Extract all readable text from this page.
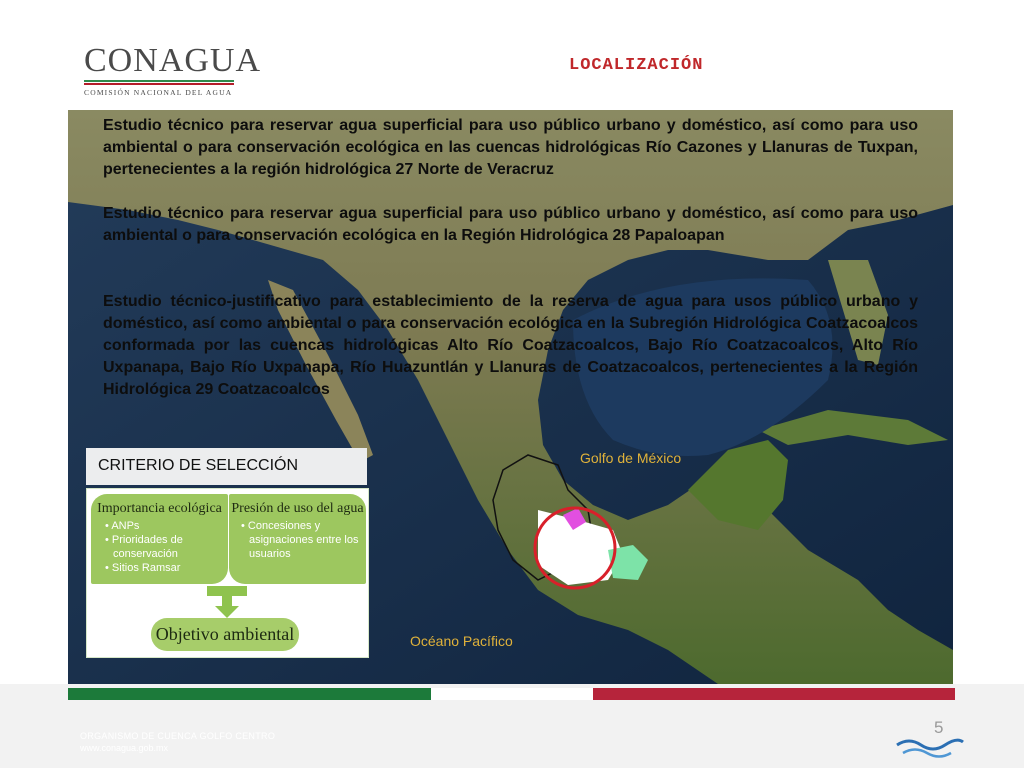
CONAGUA
COMISIÓN NACIONAL DEL AGUA
LOCALIZACIÓN
Estudio técnico para reservar agua superficial para uso público urbano y doméstico, así como para uso ambiental o para conservación ecológica en las cuencas hidrológicas Río Cazones y Llanuras de Tuxpan, pertenecientes a la región hidrológica 27 Norte de Veracruz
Estudio técnico para reservar agua superficial para uso público urbano y doméstico, así como para uso ambiental o para conservación ecológica en la Región Hidrológica 28 Papaloapan
Estudio técnico-justificativo para establecimiento de la reserva de agua para usos público urbano y doméstico, así como ambiental o para conservación ecológica en la Subregión Hidrológica Coatzacoalcos conformada por las cuencas hidrológicas Alto Río Coatzacoalcos, Bajo Río Coatzacoalcos, Alto Río Uxpanapa, Bajo Río Uxpanapa, Río Huazuntlán y Llanuras de Coatzacoalcos, pertenecientes a la Región Hidrológica 29 Coatzacoalcos
Golfo de México
Océano Pacífico
CRITERIO DE SELECCIÓN
Importancia ecológica
• ANPs
• Prioridades de conservación
• Sitios Ramsar
Presión de uso del agua
• Concesiones y asignaciones entre los usuarios
Objetivo ambiental
ORGANISMO DE CUENCA GOLFO CENTRO
www.conagua.gob.mx
5
